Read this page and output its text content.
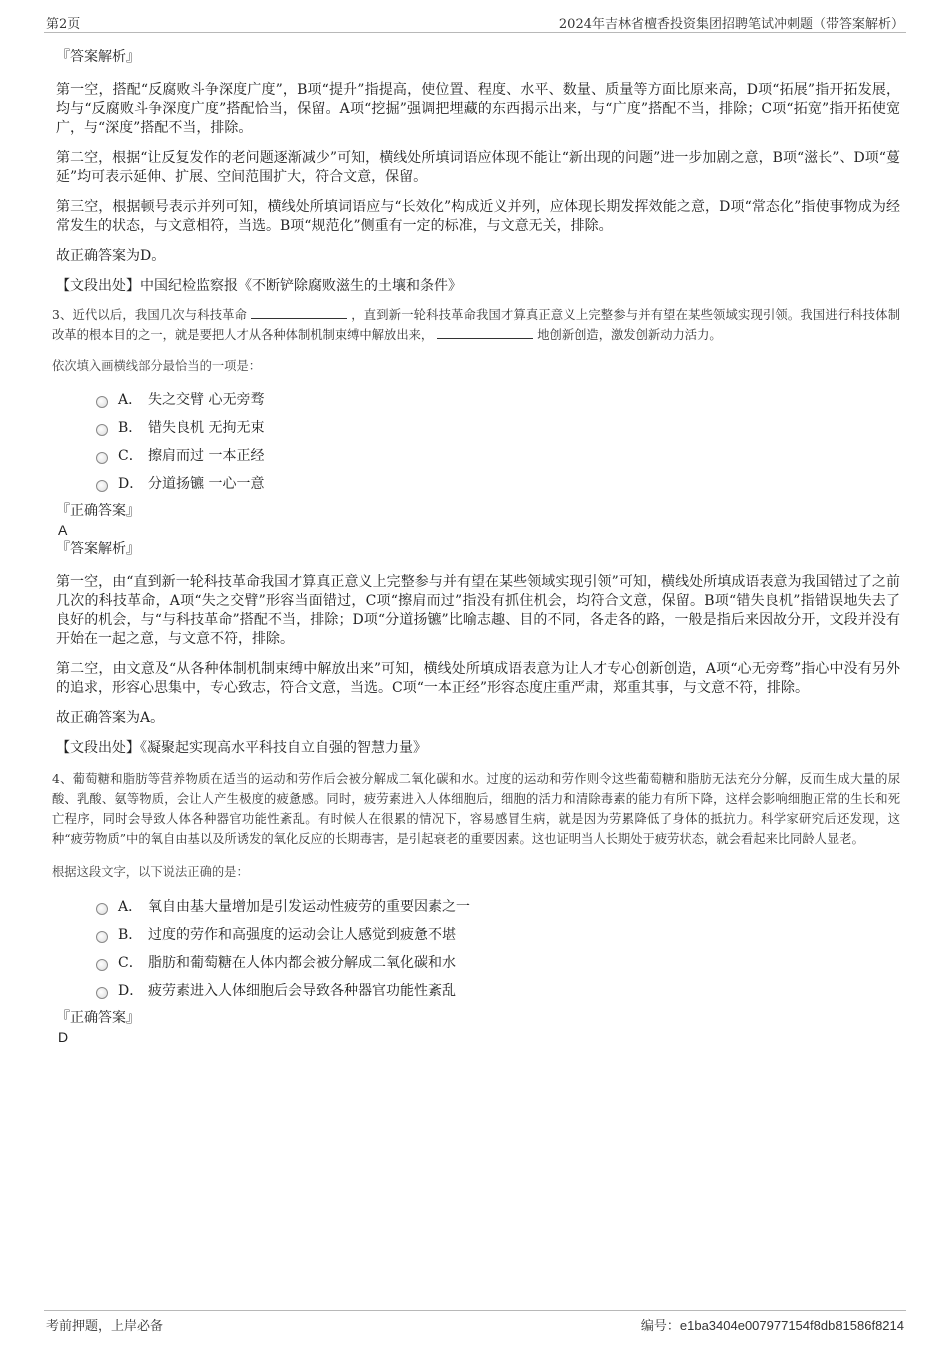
第2页	2024年吉林省檀香投资集团招聘笔试冲刺题（带答案解析）

『答案解析』

第一空，搭配“反腐败斗争深度广度”，B项“提升”指提高，使位置、程度、水平、数量、质量等方面比原来高，D项“拓展”指开拓发展，均与“反腐败斗争深度广度”搭配恰当，保留。A项“挖掘”强调把埋藏的东西揭示出来，与“广度”搭配不当，排除；C项“拓宽”指开拓使宽广，与“深度”搭配不当，排除。

第二空，根据“让反复发作的老问题逐渐减少”可知，横线处所填词语应体现不能让“新出现的问题”进一步加剧之意，B项“滋长”、D项“蔓延”均可表示延伸、扩展、空间范围扩大，符合文意，保留。

第三空，根据顿号表示并列可知，横线处所填词语应与“长效化”构成近义并列，应体现长期发挥效能之意，D项“常态化”指使事物成为经常发生的状态，与文意相符，当选。B项“规范化”侧重有一定的标准，与文意无关，排除。

故正确答案为D。

【文段出处】中国纪检监察报《不断铲除腐败滋生的土壤和条件》

3、近代以后，我国几次与科技革命	，直到新一轮科技革命我国才算真正意义上完整参与并有望在某些领域实现引领。我国进行科技体制改革的根本目的之一，就是要把人才从各种体制机制束缚中解放出来，	地创新创造，激发创新动力活力。

依次填入画横线部分最恰当的一项是：

A． 失之交臂 心无旁骛
B． 错失良机 无拘无束
C． 擦肩而过 一本正经
D． 分道扬镳 一心一意

『正确答案』

A

『答案解析』

第一空，由“直到新一轮科技革命我国才算真正意义上完整参与并有望在某些领域实现引领”可知，横线处所填成语表意为我国错过了之前几次的科技革命，A项“失之交臂”形容当面错过，C项“擦肩而过”指没有抓住机会，均符合文意，保留。B项“错失良机”指错误地失去了良好的机会，与“与科技革命”搭配不当，排除；D项“分道扬镳”比喻志趣、目的不同，各走各的路，一般是指后来因故分开，文段并没有开始在一起之意，与文意不符，排除。

第二空，由文意及“从各种体制机制束缚中解放出来”可知，横线处所填成语表意为让人才专心创新创造，A项“心无旁骛”指心中没有另外的追求，形容心思集中，专心致志，符合文意，当选。C项“一本正经”形容态度庄重严肃，郑重其事，与文意不符，排除。

故正确答案为A。

【文段出处】《凝聚起实现高水平科技自立自强的智慧力量》

4、葡萄糖和脂肪等营养物质在适当的运动和劳作后会被分解成二氧化碳和水。过度的运动和劳作则令这些葡萄糖和脂肪无法充分分解，反而生成大量的尿酸、乳酸、氨等物质，会让人产生极度的疲惫感。同时，疲劳素进入人体细胞后，细胞的活力和清除毒素的能力有所下降，这样会影响细胞正常的生长和死亡程序，同时会导致人体各种器官功能性紊乱。有时候人在很累的情况下，容易感冒生病，就是因为劳累降低了身体的抵抗力。科学家研究后还发现，这种“疲劳物质”中的氧自由基以及所诱发的氧化反应的长期毒害，是引起衰老的重要因素。这也证明当人长期处于疲劳状态，就会看起来比同龄人显老。

根据这段文字，以下说法正确的是：

A． 氧自由基大量增加是引发运动性疲劳的重要因素之一
B． 过度的劳作和高强度的运动会让人感觉到疲惫不堪
C． 脂肪和葡萄糖在人体内都会被分解成二氧化碳和水
D． 疲劳素进入人体细胞后会导致各种器官功能性紊乱

『正确答案』

D

考前押题，上岸必备	编号：e1ba3404e007977154f8db81586f8214
